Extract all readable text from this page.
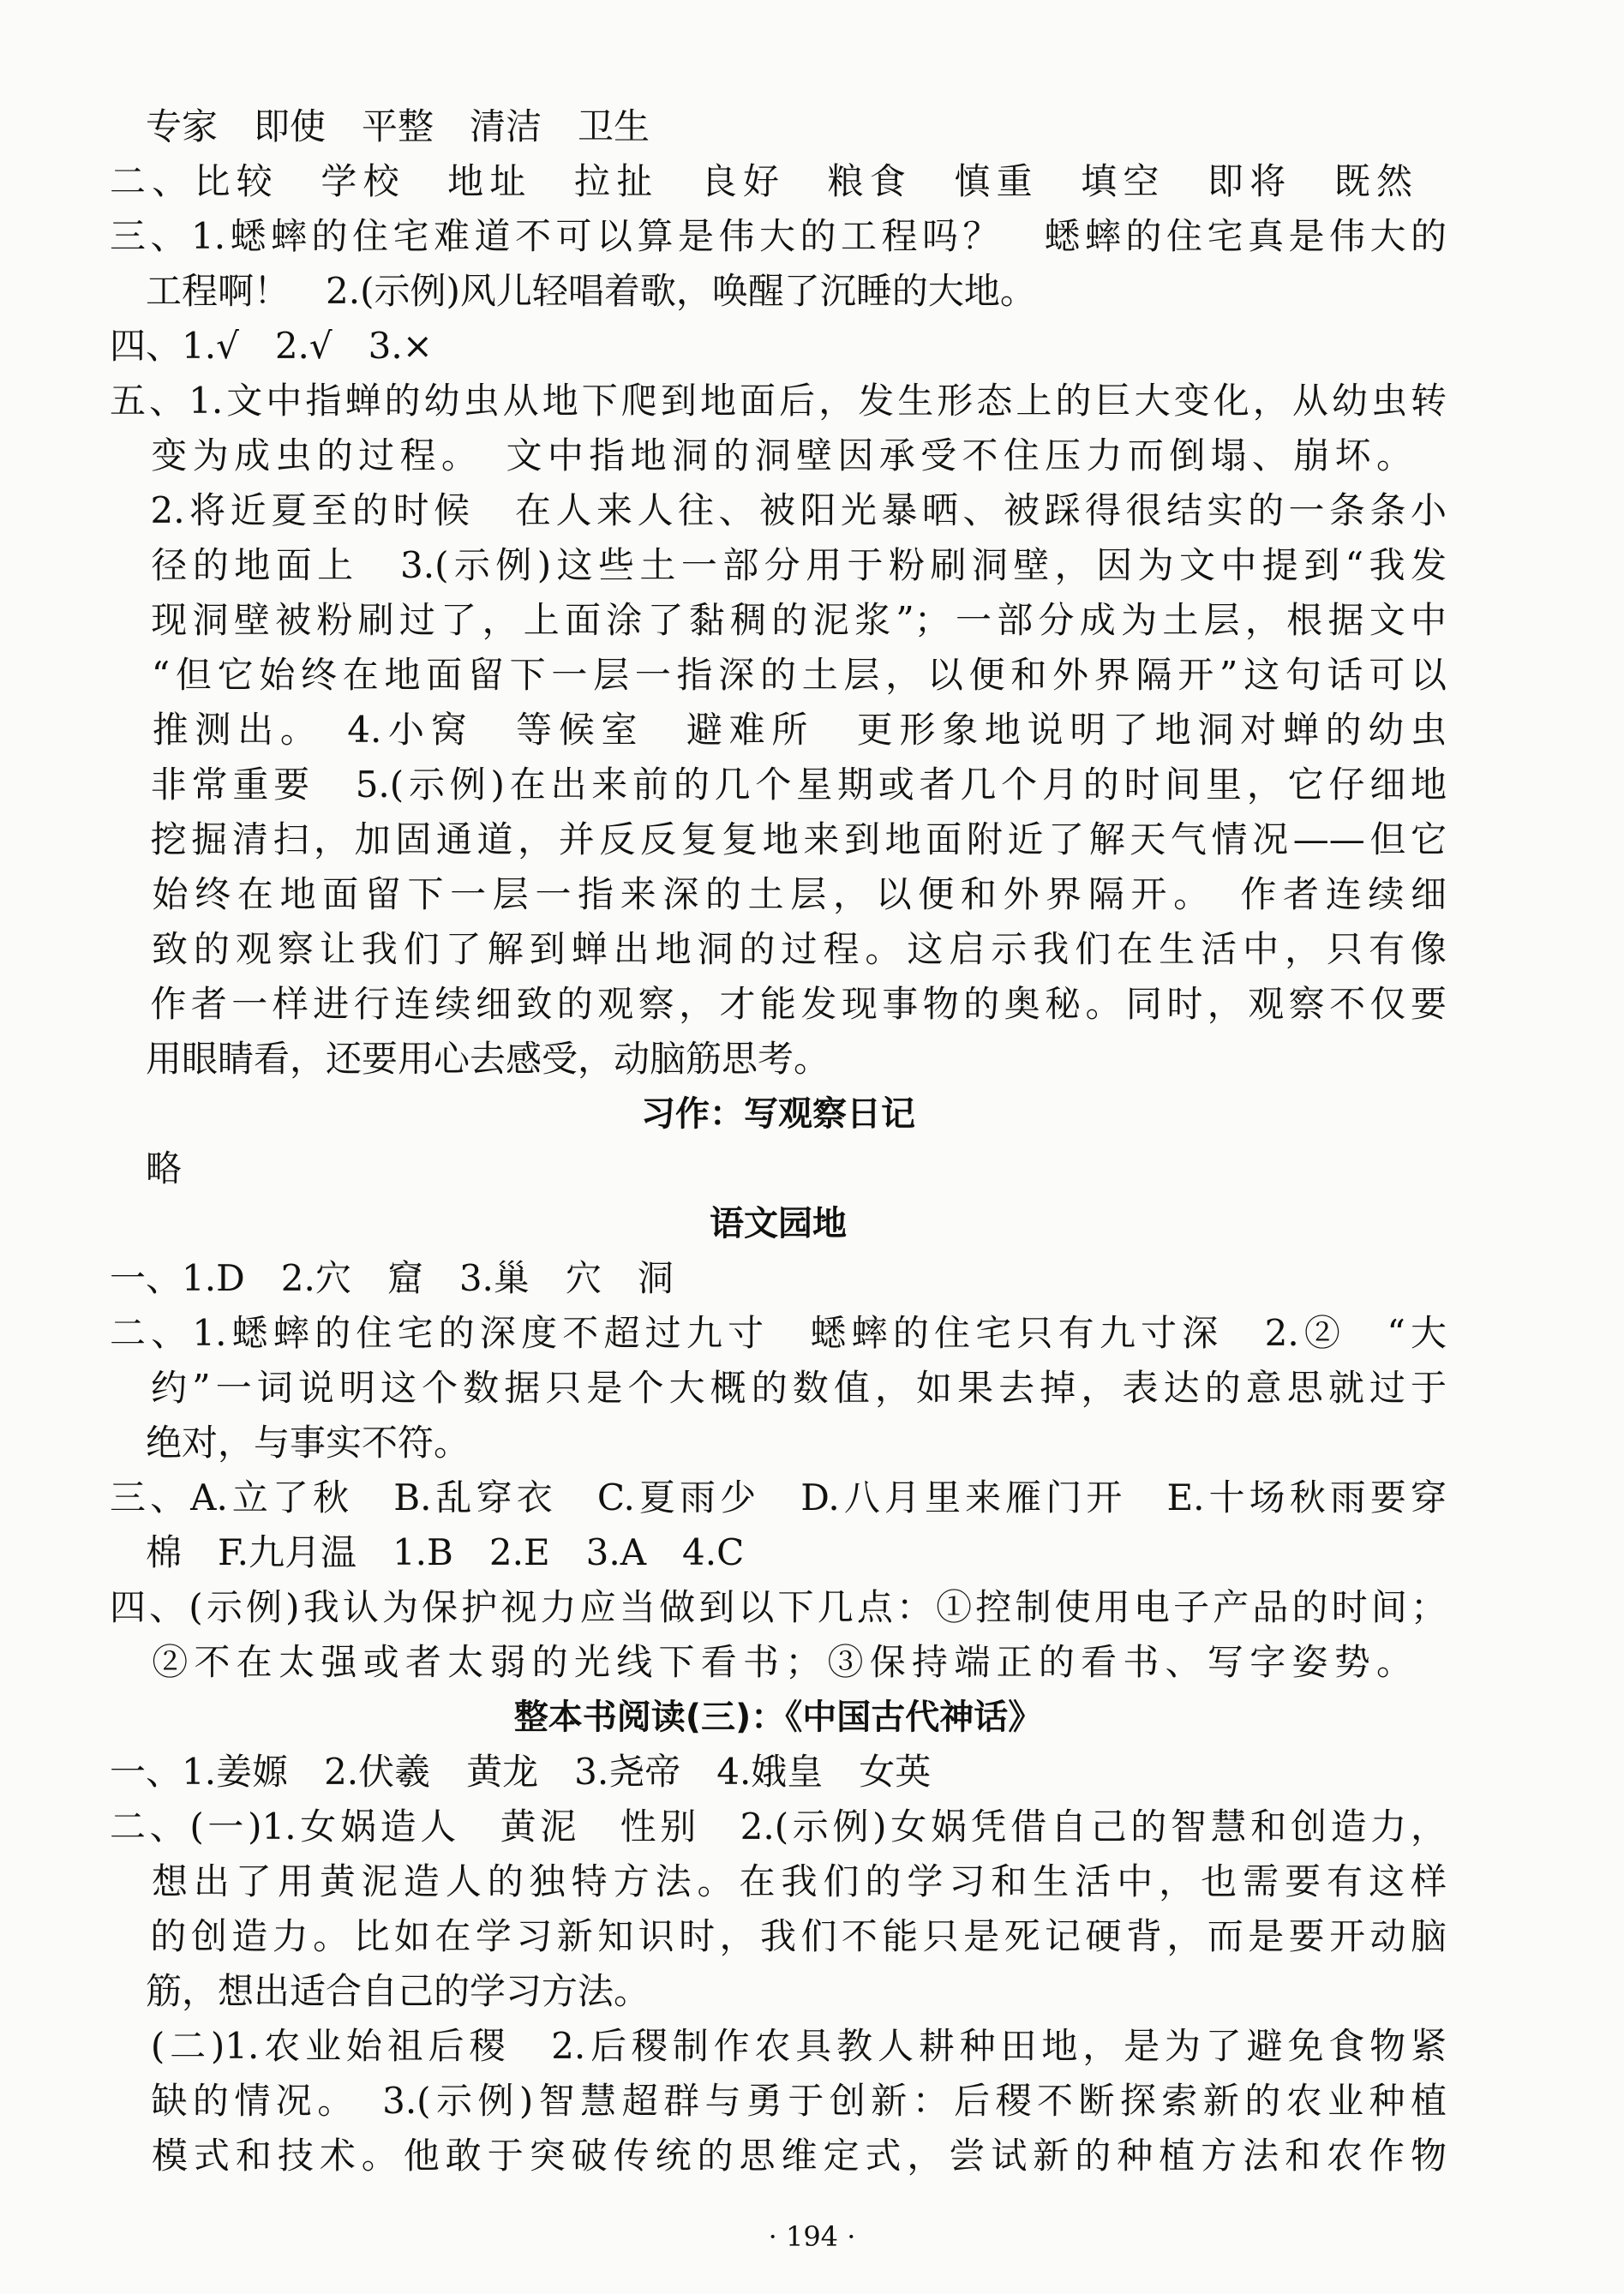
　专家　即使　平整　清洁　卫生
二、比较　学校　地址　拉扯　良好　粮食　慎重　填空　即将　既然
三、1.蟋蟀的住宅难道不可以算是伟大的工程吗？　蟋蟀的住宅真是伟大的
　工程啊！　2.(示例)风儿轻唱着歌，唤醒了沉睡的大地。
四、1.√　2.√　3.×
五、1.文中指蝉的幼虫从地下爬到地面后，发生形态上的巨大变化，从幼虫转
　变为成虫的过程。　文中指地洞的洞壁因承受不住压力而倒塌、崩坏。
　2.将近夏至的时候　在人来人往、被阳光暴晒、被踩得很结实的一条条小
　径的地面上　3.(示例)这些土一部分用于粉刷洞壁，因为文中提到“我发
　现洞壁被粉刷过了，上面涂了黏稠的泥浆”；一部分成为土层，根据文中
　“但它始终在地面留下一层一指深的土层，以便和外界隔开”这句话可以
　推测出。　4.小窝　等候室　避难所　更形象地说明了地洞对蝉的幼虫
　非常重要　5.(示例)在出来前的几个星期或者几个月的时间里，它仔细地
　挖掘清扫，加固通道，并反反复复地来到地面附近了解天气情况——但它
　始终在地面留下一层一指来深的土层，以便和外界隔开。　作者连续细
　致的观察让我们了解到蝉出地洞的过程。这启示我们在生活中，只有像
　作者一样进行连续细致的观察，才能发现事物的奥秘。同时，观察不仅要
　用眼睛看，还要用心去感受，动脑筋思考。
习作：写观察日记
　略
语文园地
一、1.D　2.穴　窟　3.巢　穴　洞
二、1.蟋蟀的住宅的深度不超过九寸　蟋蟀的住宅只有九寸深　2.②　“大
　约”一词说明这个数据只是个大概的数值，如果去掉，表达的意思就过于
　绝对，与事实不符。
三、A.立了秋　B.乱穿衣　C.夏雨少　D.八月里来雁门开　E.十场秋雨要穿
　棉　F.九月温　1.B　2.E　3.A　4.C
四、(示例)我认为保护视力应当做到以下几点：①控制使用电子产品的时间；
　②不在太强或者太弱的光线下看书；③保持端正的看书、写字姿势。
整本书阅读(三)：《中国古代神话》
一、1.姜嫄　2.伏羲　黄龙　3.尧帝　4.娥皇　女英
二、(一)1.女娲造人　黄泥　性别　2.(示例)女娲凭借自己的智慧和创造力，
　想出了用黄泥造人的独特方法。在我们的学习和生活中，也需要有这样
　的创造力。比如在学习新知识时，我们不能只是死记硬背，而是要开动脑
　筋，想出适合自己的学习方法。
　(二)1.农业始祖后稷　2.后稷制作农具教人耕种田地，是为了避免食物紧
　缺的情况。　3.(示例)智慧超群与勇于创新：后稷不断探索新的农业种植
　模式和技术。他敢于突破传统的思维定式，尝试新的种植方法和农作物
· 194 ·
